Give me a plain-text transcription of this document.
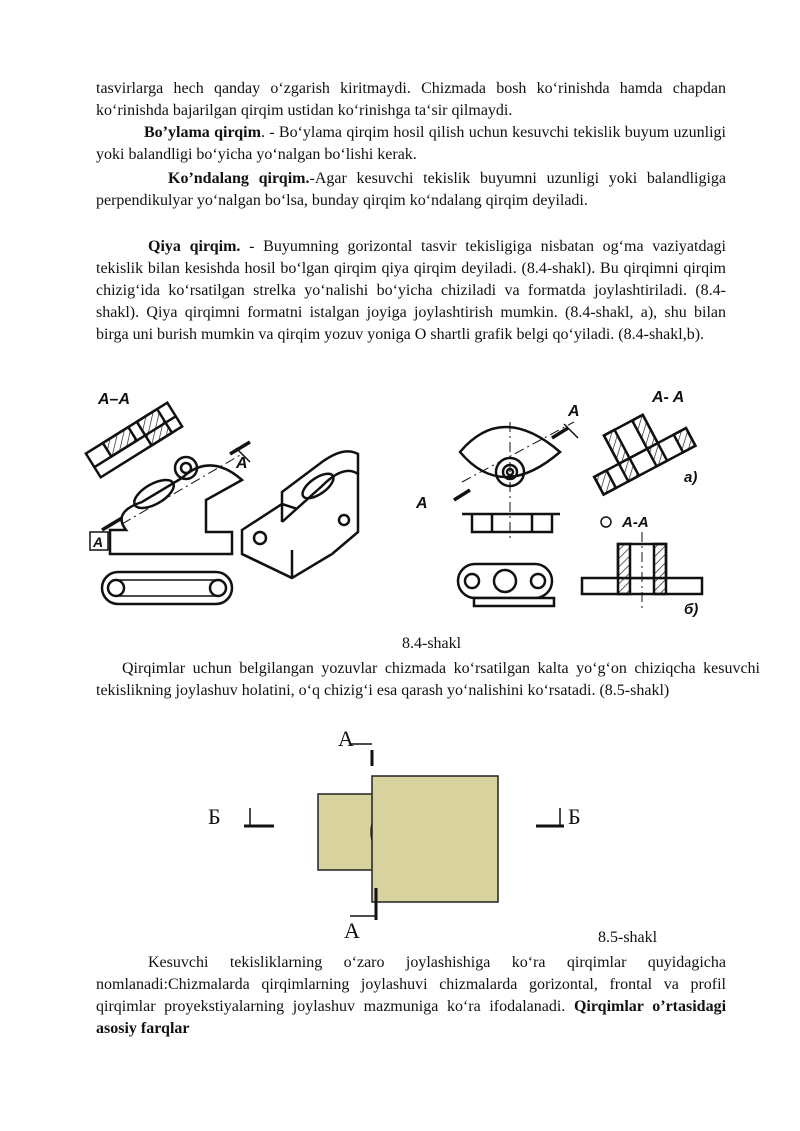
tasvirlarga hech qanday o‘zgarish kiritmaydi. Chizmada bosh ko‘rinishda hamda chapdan ko‘rinishda bajarilgan qirqim ustidan ko‘rinishga ta‘sir qilmaydi.

Bo’ylama qirqim. - Bo‘ylama qirqim hosil qilish uchun kesuvchi tekislik buyum uzunligi yoki balandligi bo‘yicha yo‘nalgan bo‘lishi kerak.

Ko’ndalang qirqim.-Agar kesuvchi tekislik buyumni uzunligi yoki balandligiga perpendikulyar yo‘nalgan bo‘lsa, bunday qirqim ko‘ndalang qirqim deyiladi.

Qiya qirqim. - Buyumning gorizontal tasvir tekisligiga nisbatan og‘ma vaziyatdagi tekislik bilan kesishda hosil bo‘lgan qirqim qiya qirqim deyiladi. (8.4-shakl). Bu qirqimni qirqim chizig‘ida ko‘rsatilgan strelka yo‘nalishi bo‘yicha chiziladi va formatda joylashtiriladi. (8.4-shakl). Qiya qirqimni formatni istalgan joyiga joylashtirish mumkin. (8.4-shakl, a), shu bilan birga uni burish mumkin va qirqim yozuv yoniga O shartli grafik belgi qo‘yiladi. (8.4-shakl,b).

A–A
A
A
A
A
A- A
a)
A-A
б)
8.4-shakl

Qirqimlar uchun belgilangan yozuvlar chizmada ko‘rsatilgan kalta yo‘g‘on chiziqcha kesuvchi tekislikning joylashuv holatini, o‘q chizig‘i esa qarash yo‘nalishini ko‘rsatadi. (8.5-shakl)

A
A
Б	Б
8.5-shakl

Kesuvchi tekisliklarning o‘zaro joylashishiga ko‘ra qirqimlar quyidagicha nomlanadi:Chizmalarda qirqimlarning joylashuvi chizmalarda gorizontal, frontal va profil qirqimlar proyekstiyalarning joylashuv mazmuniga ko‘ra ifodalanadi. Qirqimlar o’rtasidagi asosiy farqlar
